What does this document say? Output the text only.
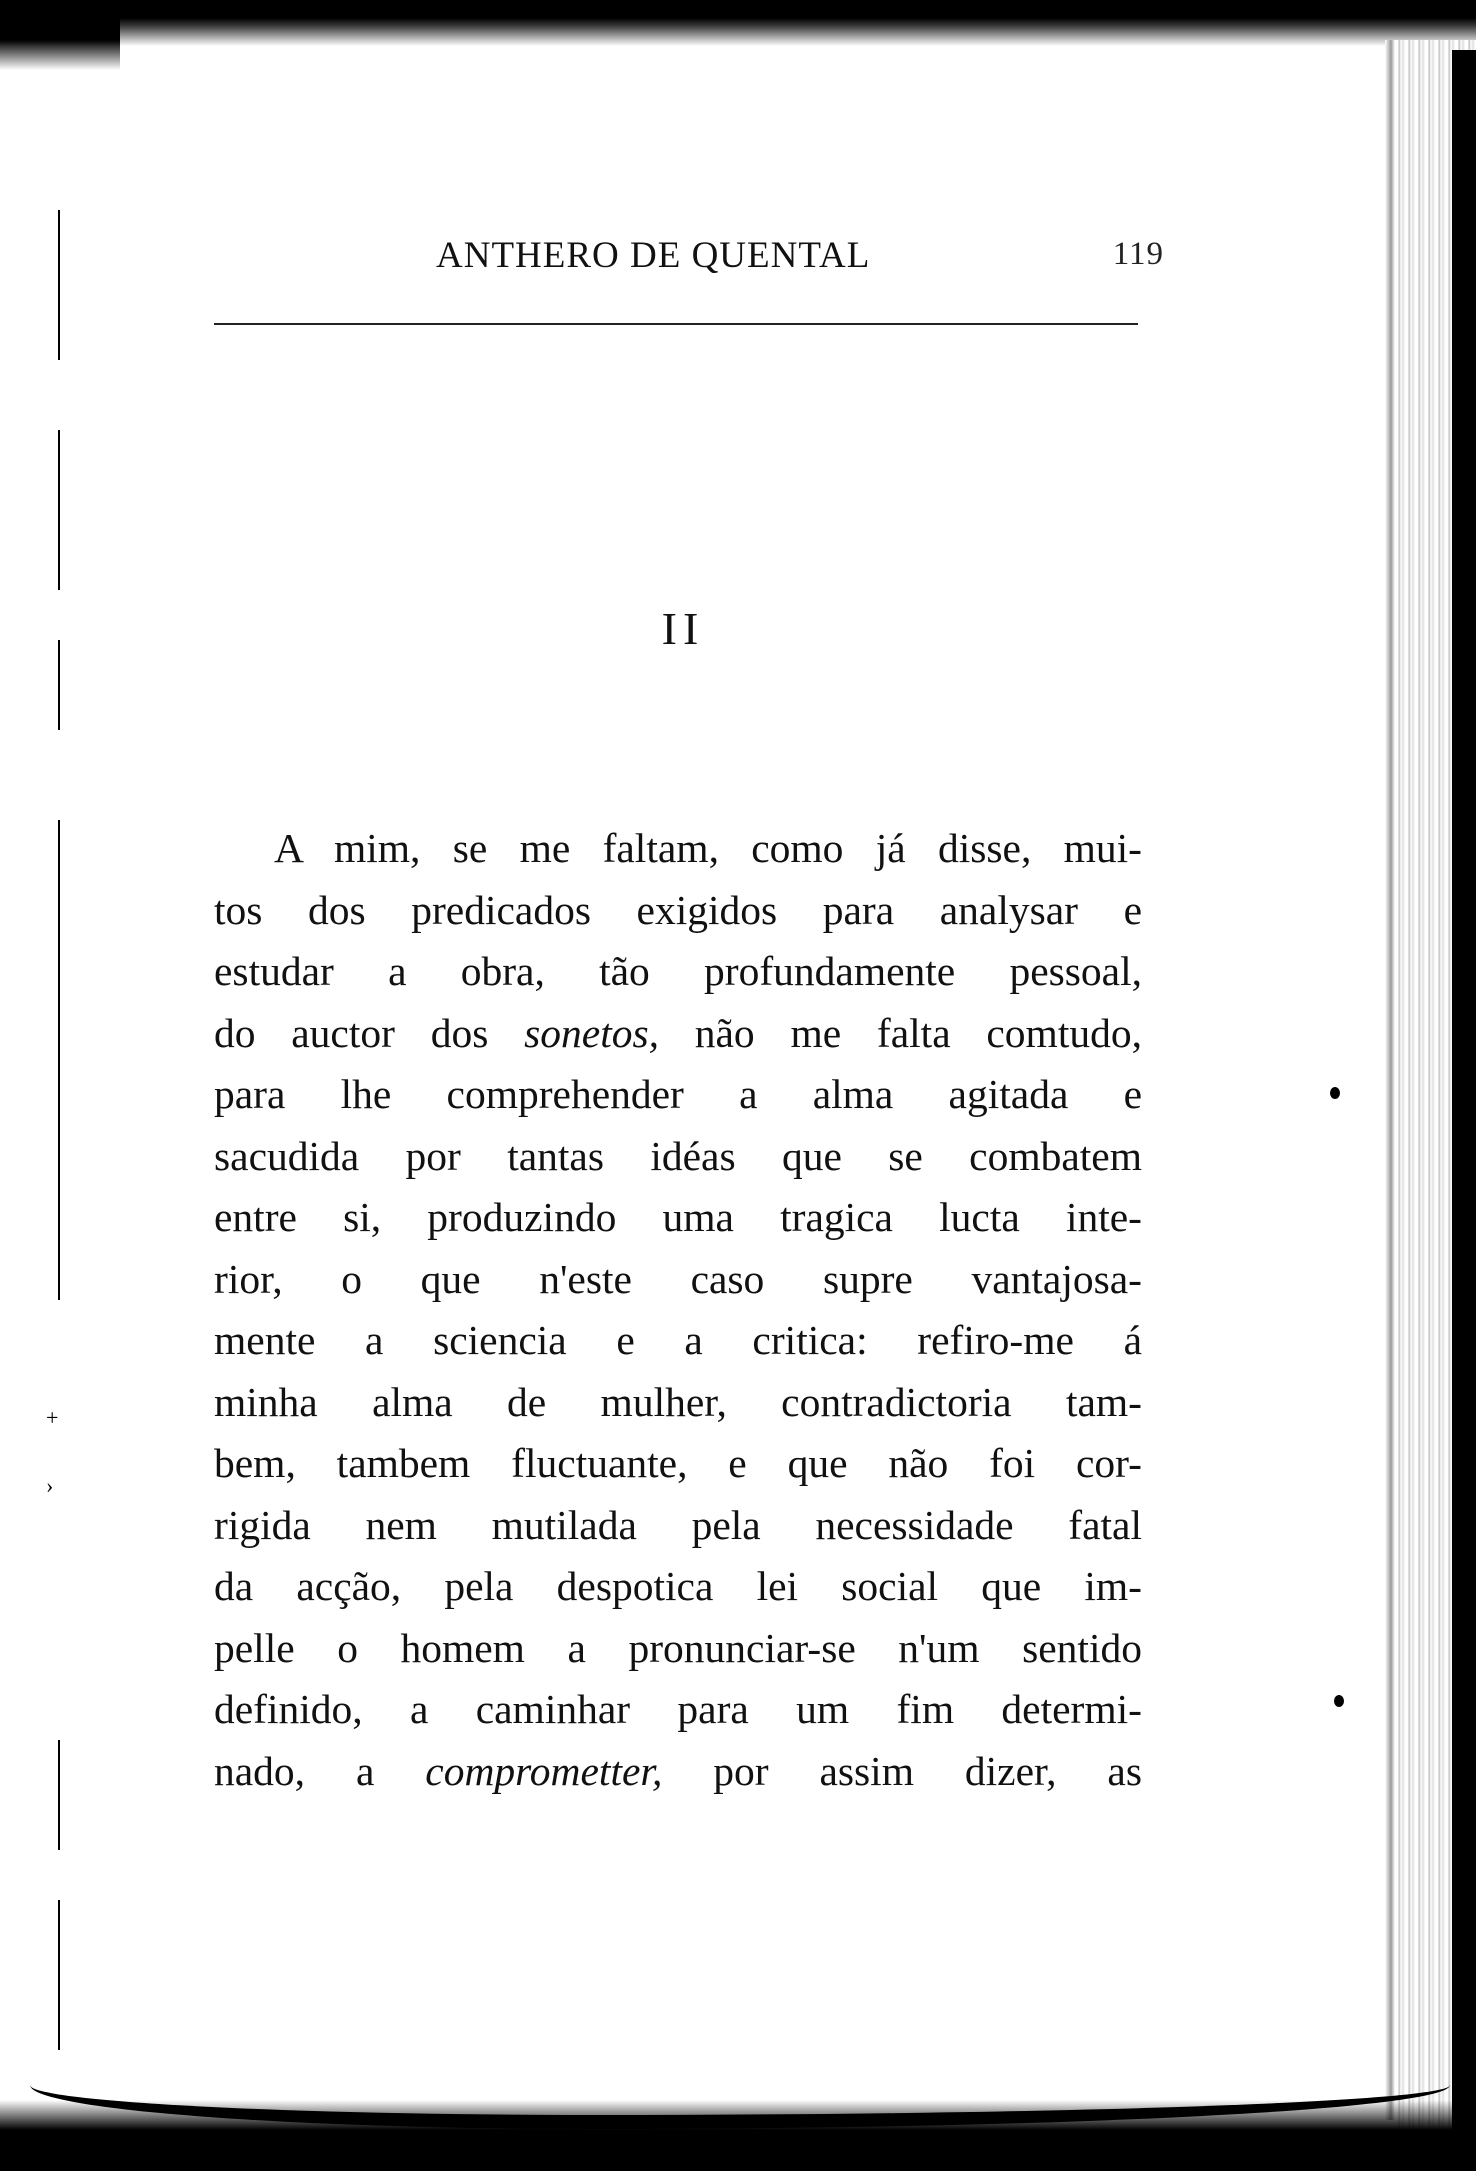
+
›
ANTHERO DE QUENTAL	119
II
A mim, se me faltam, como já disse, mui-
tos dos predicados exigidos para analysar e
estudar a obra, tão profundamente pessoal,
do auctor dos sonetos, não me falta comtudo,
para lhe comprehender a alma agitada e
sacudida por tantas idéas que se combatem
entre si, produzindo uma tragica lucta inte-
rior, o que n'este caso supre vantajosa-
mente a sciencia e a critica: refiro-me á
minha alma de mulher, contradictoria tam-
bem, tambem fluctuante, e que não foi cor-
rigida nem mutilada pela necessidade fatal
da acção, pela despotica lei social que im-
pelle o homem a pronunciar-se n'um sentido
definido, a caminhar para um fim determi-
nado, a comprometter, por assim dizer, as
